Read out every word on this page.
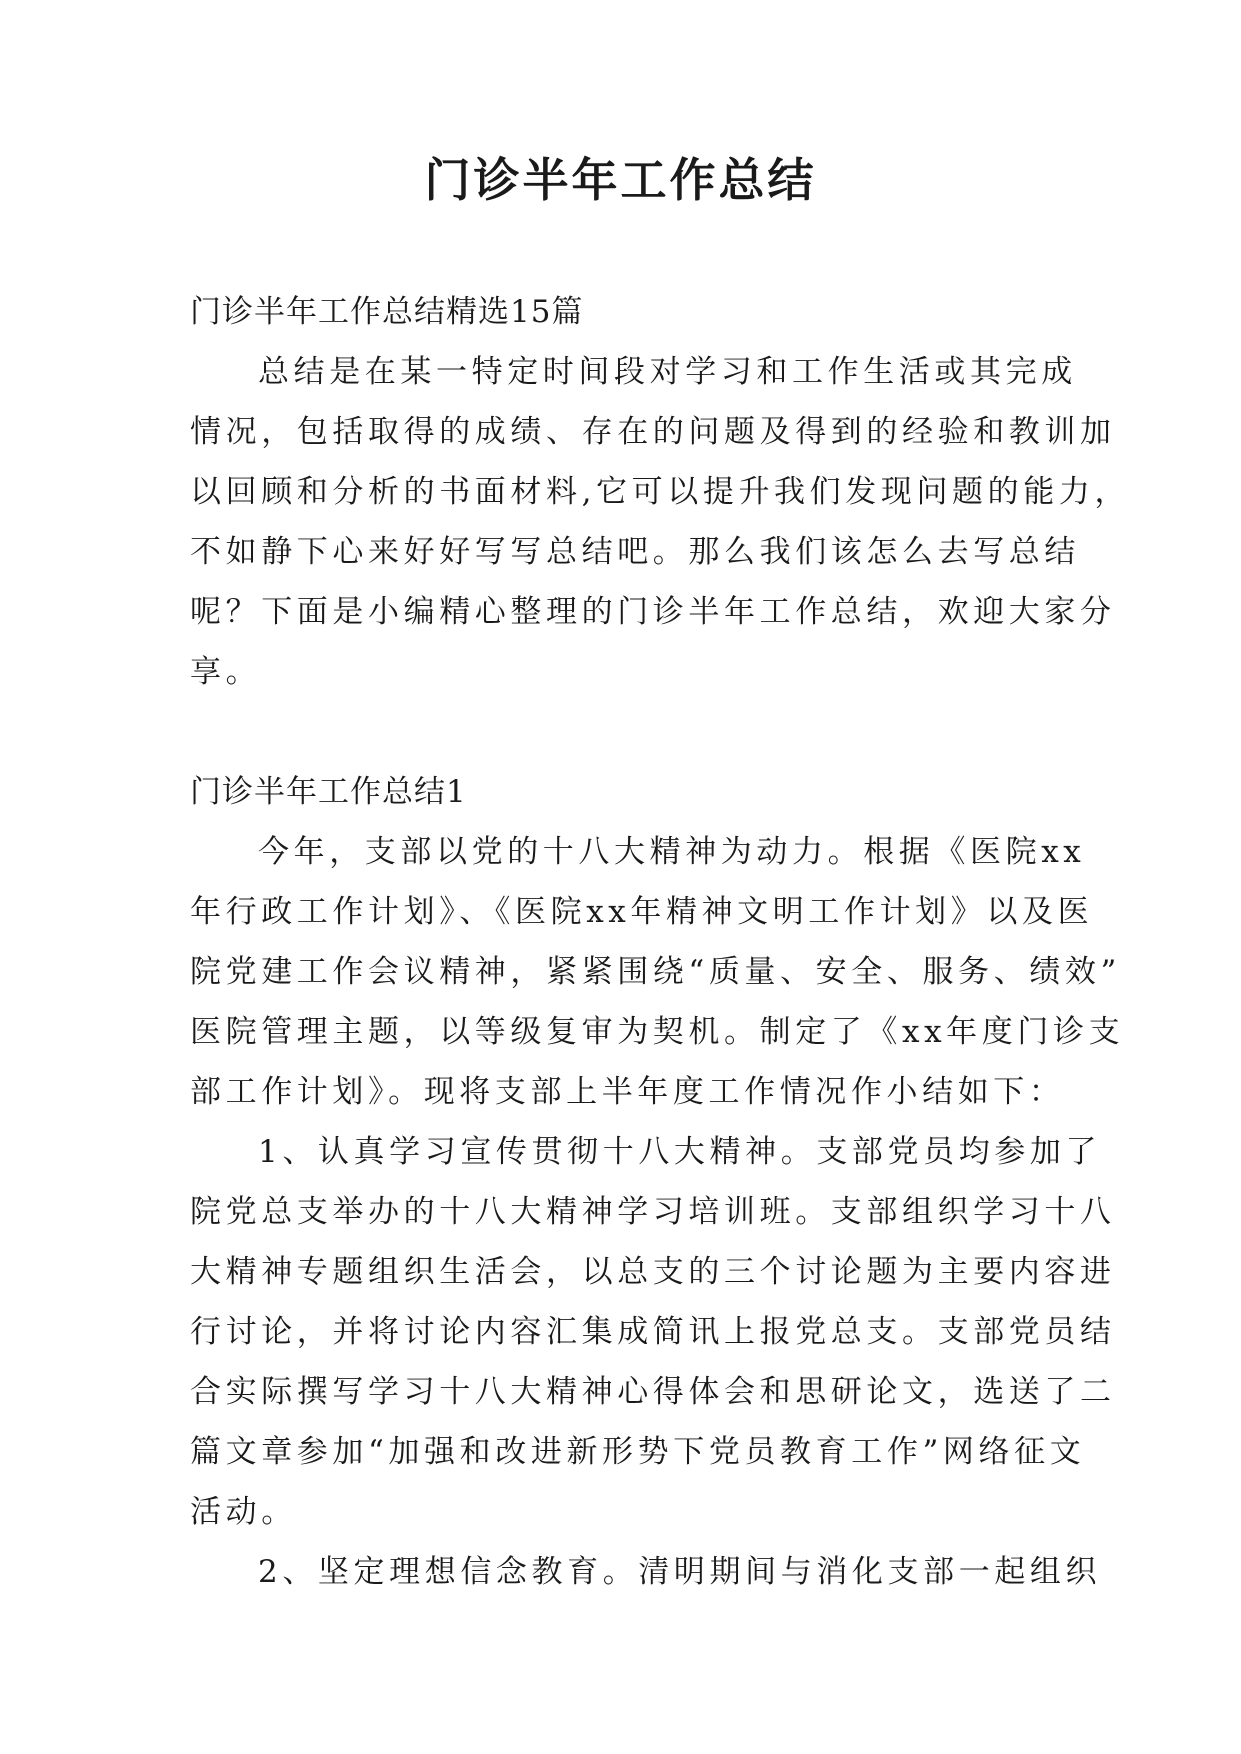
门诊半年工作总结

门诊半年工作总结精选15篇

总结是在某一特定时间段对学习和工作生活或其完成

情况，包括取得的成绩、存在的问题及得到的经验和教训加

以回顾和分析的书面材料,它可以提升我们发现问题的能力，

不如静下心来好好写写总结吧。那么我们该怎么去写总结

呢？下面是小编精心整理的门诊半年工作总结，欢迎大家分

享。

门诊半年工作总结1

今年，支部以党的十八大精神为动力。根据《医院xx

年行政工作计划》、《医院xx年精神文明工作计划》以及医

院党建工作会议精神，紧紧围绕“质量、安全、服务、绩效”

医院管理主题，以等级复审为契机。制定了《xx年度门诊支

部工作计划》。现将支部上半年度工作情况作小结如下：

1、认真学习宣传贯彻十八大精神。支部党员均参加了

院党总支举办的十八大精神学习培训班。支部组织学习十八

大精神专题组织生活会，以总支的三个讨论题为主要内容进

行讨论，并将讨论内容汇集成简讯上报党总支。支部党员结

合实际撰写学习十八大精神心得体会和思研论文，选送了二

篇文章参加“加强和改进新形势下党员教育工作”网络征文

活动。

2、坚定理想信念教育。清明期间与消化支部一起组织
